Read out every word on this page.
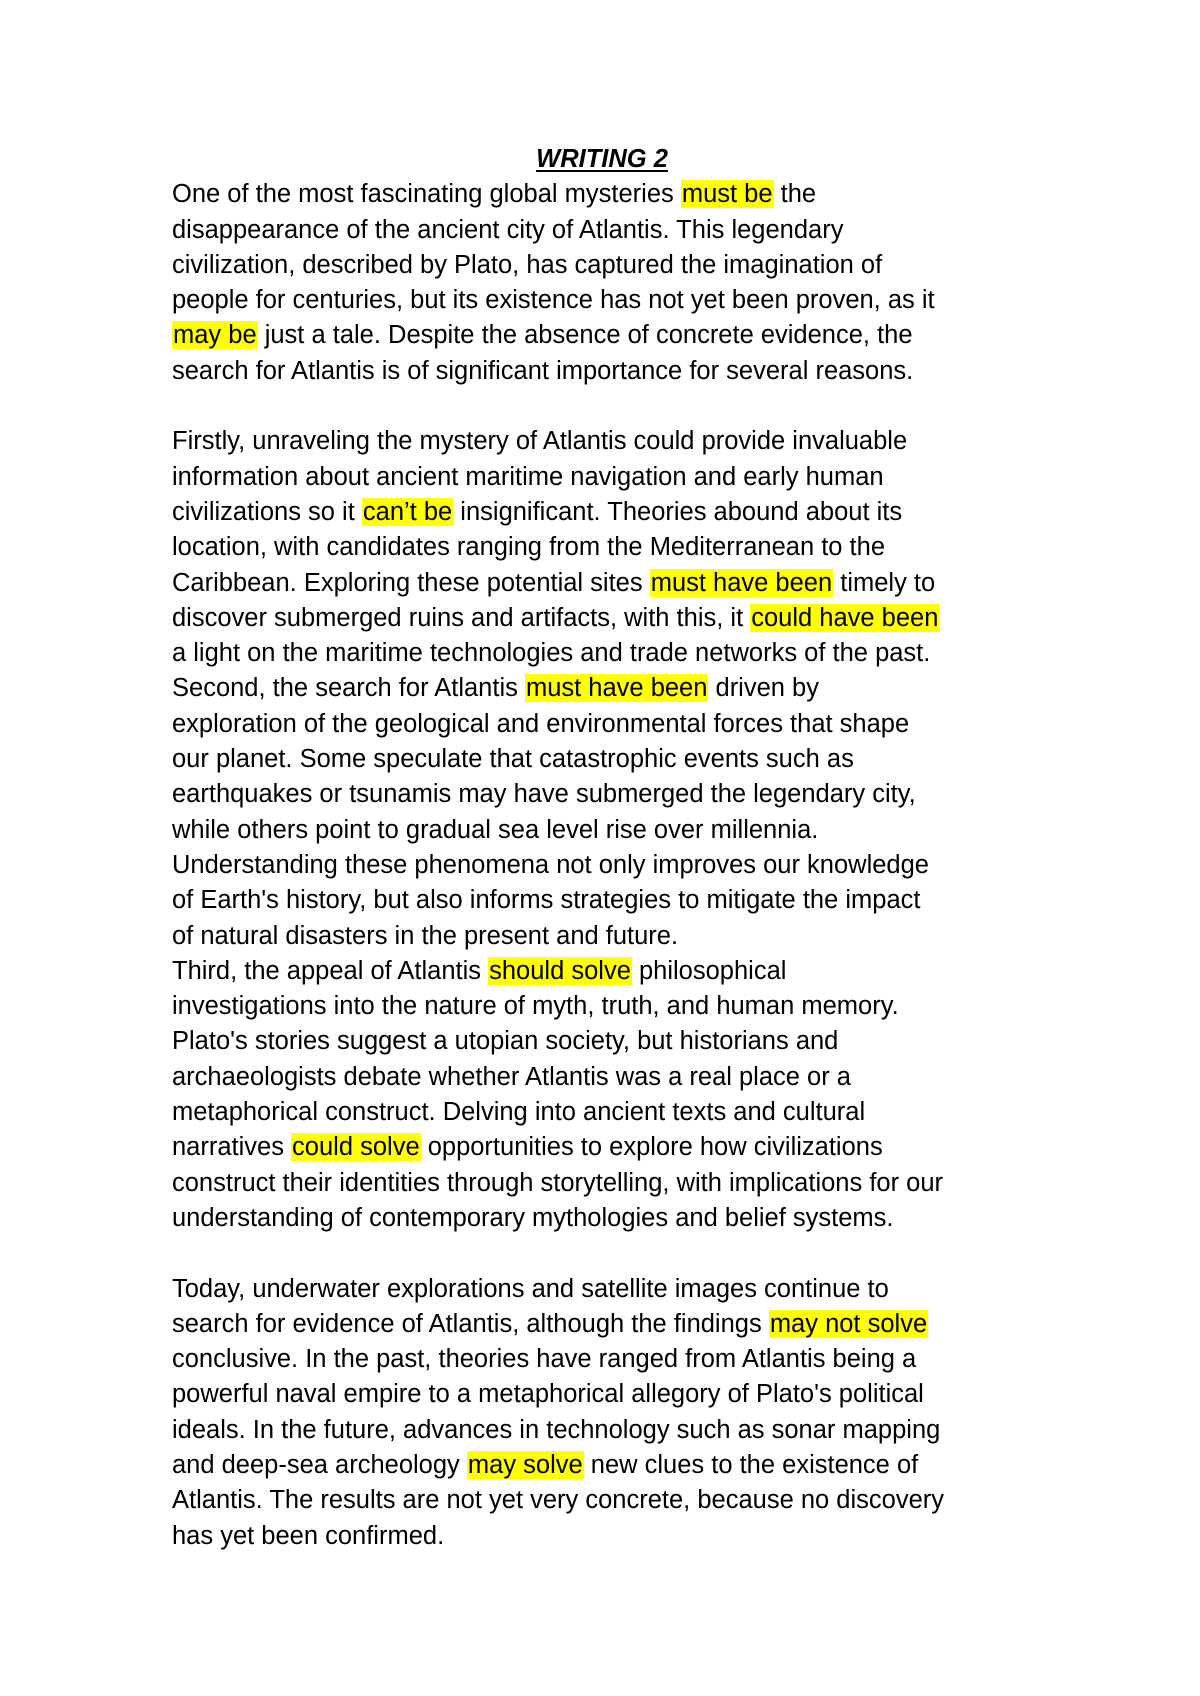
WRITING 2

One of the most fascinating global mysteries must be the
disappearance of the ancient city of Atlantis. This legendary
civilization, described by Plato, has captured the imagination of
people for centuries, but its existence has not yet been proven, as it
may be just a tale. Despite the absence of concrete evidence, the
search for Atlantis is of significant importance for several reasons.

Firstly, unraveling the mystery of Atlantis could provide invaluable
information about ancient maritime navigation and early human
civilizations so it can’t be insignificant. Theories abound about its
location, with candidates ranging from the Mediterranean to the
Caribbean. Exploring these potential sites must have been timely to
discover submerged ruins and artifacts, with this, it could have been
a light on the maritime technologies and trade networks of the past.
Second, the search for Atlantis must have been driven by
exploration of the geological and environmental forces that shape
our planet. Some speculate that catastrophic events such as
earthquakes or tsunamis may have submerged the legendary city,
while others point to gradual sea level rise over millennia.
Understanding these phenomena not only improves our knowledge
of Earth's history, but also informs strategies to mitigate the impact
of natural disasters in the present and future.
Third, the appeal of Atlantis should solve philosophical
investigations into the nature of myth, truth, and human memory.
Plato's stories suggest a utopian society, but historians and
archaeologists debate whether Atlantis was a real place or a
metaphorical construct. Delving into ancient texts and cultural
narratives could solve opportunities to explore how civilizations
construct their identities through storytelling, with implications for our
understanding of contemporary mythologies and belief systems.

Today, underwater explorations and satellite images continue to
search for evidence of Atlantis, although the findings may not solve
conclusive. In the past, theories have ranged from Atlantis being a
powerful naval empire to a metaphorical allegory of Plato's political
ideals. In the future, advances in technology such as sonar mapping
and deep-sea archeology may solve new clues to the existence of
Atlantis. The results are not yet very concrete, because no discovery
has yet been confirmed.
